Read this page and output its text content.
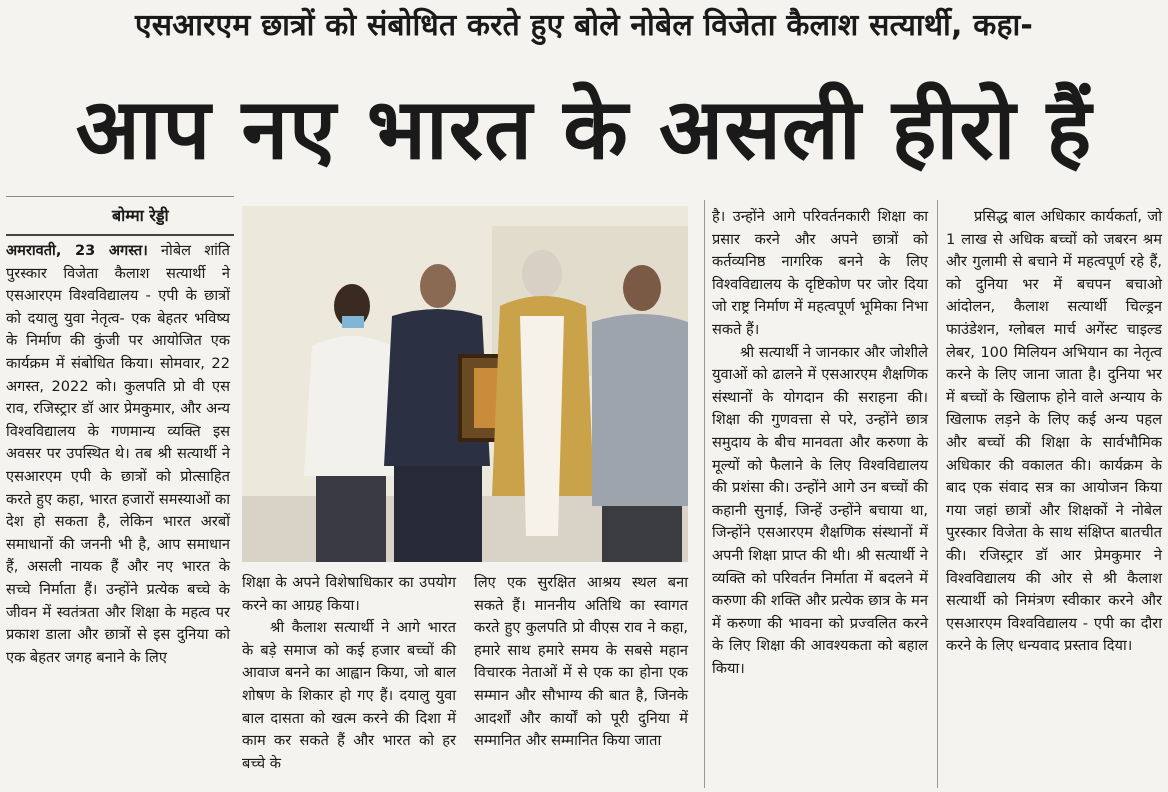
एसआरएम छात्रों को संबोधित करते हुए बोले नोबेल विजेता कैलाश सत्यार्थी, कहा-
आप नए भारत के असली हीरो हैं
बोम्मा रेड्डी

अमरावती, 23 अगस्त। नोबेल शांति पुरस्कार विजेता कैलाश सत्यार्थी ने एसआरएम विश्वविद्यालय - एपी के छात्रों को दयालु युवा नेतृत्व- एक बेहतर भविष्य के निर्माण की कुंजी पर आयोजित एक कार्यक्रम में संबोधित किया। सोमवार, 22 अगस्त, 2022 को। कुलपति प्रो वी एस राव, रजिस्ट्रार डॉ आर प्रेमकुमार, और अन्य विश्वविद्यालय के गणमान्य व्यक्ति इस अवसर पर उपस्थित थे। तब श्री सत्यार्थी ने एसआरएम एपी के छात्रों को प्रोत्साहित करते हुए कहा, भारत हजारों समस्याओं का देश हो सकता है, लेकिन भारत अरबों समाधानों की जननी भी है, आप समाधान हैं, असली नायक हैं और नए भारत के सच्चे निर्माता हैं। उन्होंने प्रत्येक बच्चे के जीवन में स्वतंत्रता और शिक्षा के महत्व पर प्रकाश डाला और छात्रों से इस दुनिया को एक बेहतर जगह बनाने के लिए

शिक्षा के अपने विशेषाधिकार का उपयोग करने का आग्रह किया।

श्री कैलाश सत्यार्थी ने आगे भारत के बड़े समाज को कई हजार बच्चों की आवाज बनने का आह्वान किया, जो बाल शोषण के शिकार हो गए हैं। दयालु युवा बाल दासता को खत्म करने की दिशा में काम कर सकते हैं और भारत को हर बच्चे के

लिए एक सुरक्षित आश्रय स्थल बना सकते हैं। माननीय अतिथि का स्वागत करते हुए कुलपति प्रो वीएस राव ने कहा, हमारे साथ हमारे समय के सबसे महान विचारक नेताओं में से एक का होना एक सम्मान और सौभाग्य की बात है, जिनके आदर्शों और कार्यों को पूरी दुनिया में सम्मानित और सम्मानित किया जाता

है। उन्होंने आगे परिवर्तनकारी शिक्षा का प्रसार करने और अपने छात्रों को कर्तव्यनिष्ठ नागरिक बनने के लिए विश्वविद्यालय के दृष्टिकोण पर जोर दिया जो राष्ट्र निर्माण में महत्वपूर्ण भूमिका निभा सकते हैं।

श्री सत्यार्थी ने जानकार और जोशीले युवाओं को ढालने में एसआरएम शैक्षणिक संस्थानों के योगदान की सराहना की। शिक्षा की गुणवत्ता से परे, उन्होंने छात्र समुदाय के बीच मानवता और करुणा के मूल्यों को फैलाने के लिए विश्वविद्यालय की प्रशंसा की। उन्होंने आगे उन बच्चों की कहानी सुनाई, जिन्हें उन्होंने बचाया था, जिन्होंने एसआरएम शैक्षणिक संस्थानों में अपनी शिक्षा प्राप्त की थी। श्री सत्यार्थी ने व्यक्ति को परिवर्तन निर्माता में बदलने में करुणा की शक्ति और प्रत्येक छात्र के मन में करुणा की भावना को प्रज्वलित करने के लिए शिक्षा की आवश्यकता को बहाल किया।

प्रसिद्ध बाल अधिकार कार्यकर्ता, जो 1 लाख से अधिक बच्चों को जबरन श्रम और गुलामी से बचाने में महत्वपूर्ण रहे हैं, को दुनिया भर में बचपन बचाओ आंदोलन, कैलाश सत्यार्थी चिल्ड्रन फाउंडेशन, ग्लोबल मार्च अगेंस्ट चाइल्ड लेबर, 100 मिलियन अभियान का नेतृत्व करने के लिए जाना जाता है। दुनिया भर में बच्चों के खिलाफ होने वाले अन्याय के खिलाफ लड़ने के लिए कई अन्य पहल और बच्चों की शिक्षा के सार्वभौमिक अधिकार की वकालत की। कार्यक्रम के बाद एक संवाद सत्र का आयोजन किया गया जहां छात्रों और शिक्षकों ने नोबेल पुरस्कार विजेता के साथ संक्षिप्त बातचीत की। रजिस्ट्रार डॉ आर प्रेमकुमार ने विश्वविद्यालय की ओर से श्री कैलाश सत्यार्थी को निमंत्रण स्वीकार करने और एसआरएम विश्वविद्यालय - एपी का दौरा करने के लिए धन्यवाद प्रस्ताव दिया।
